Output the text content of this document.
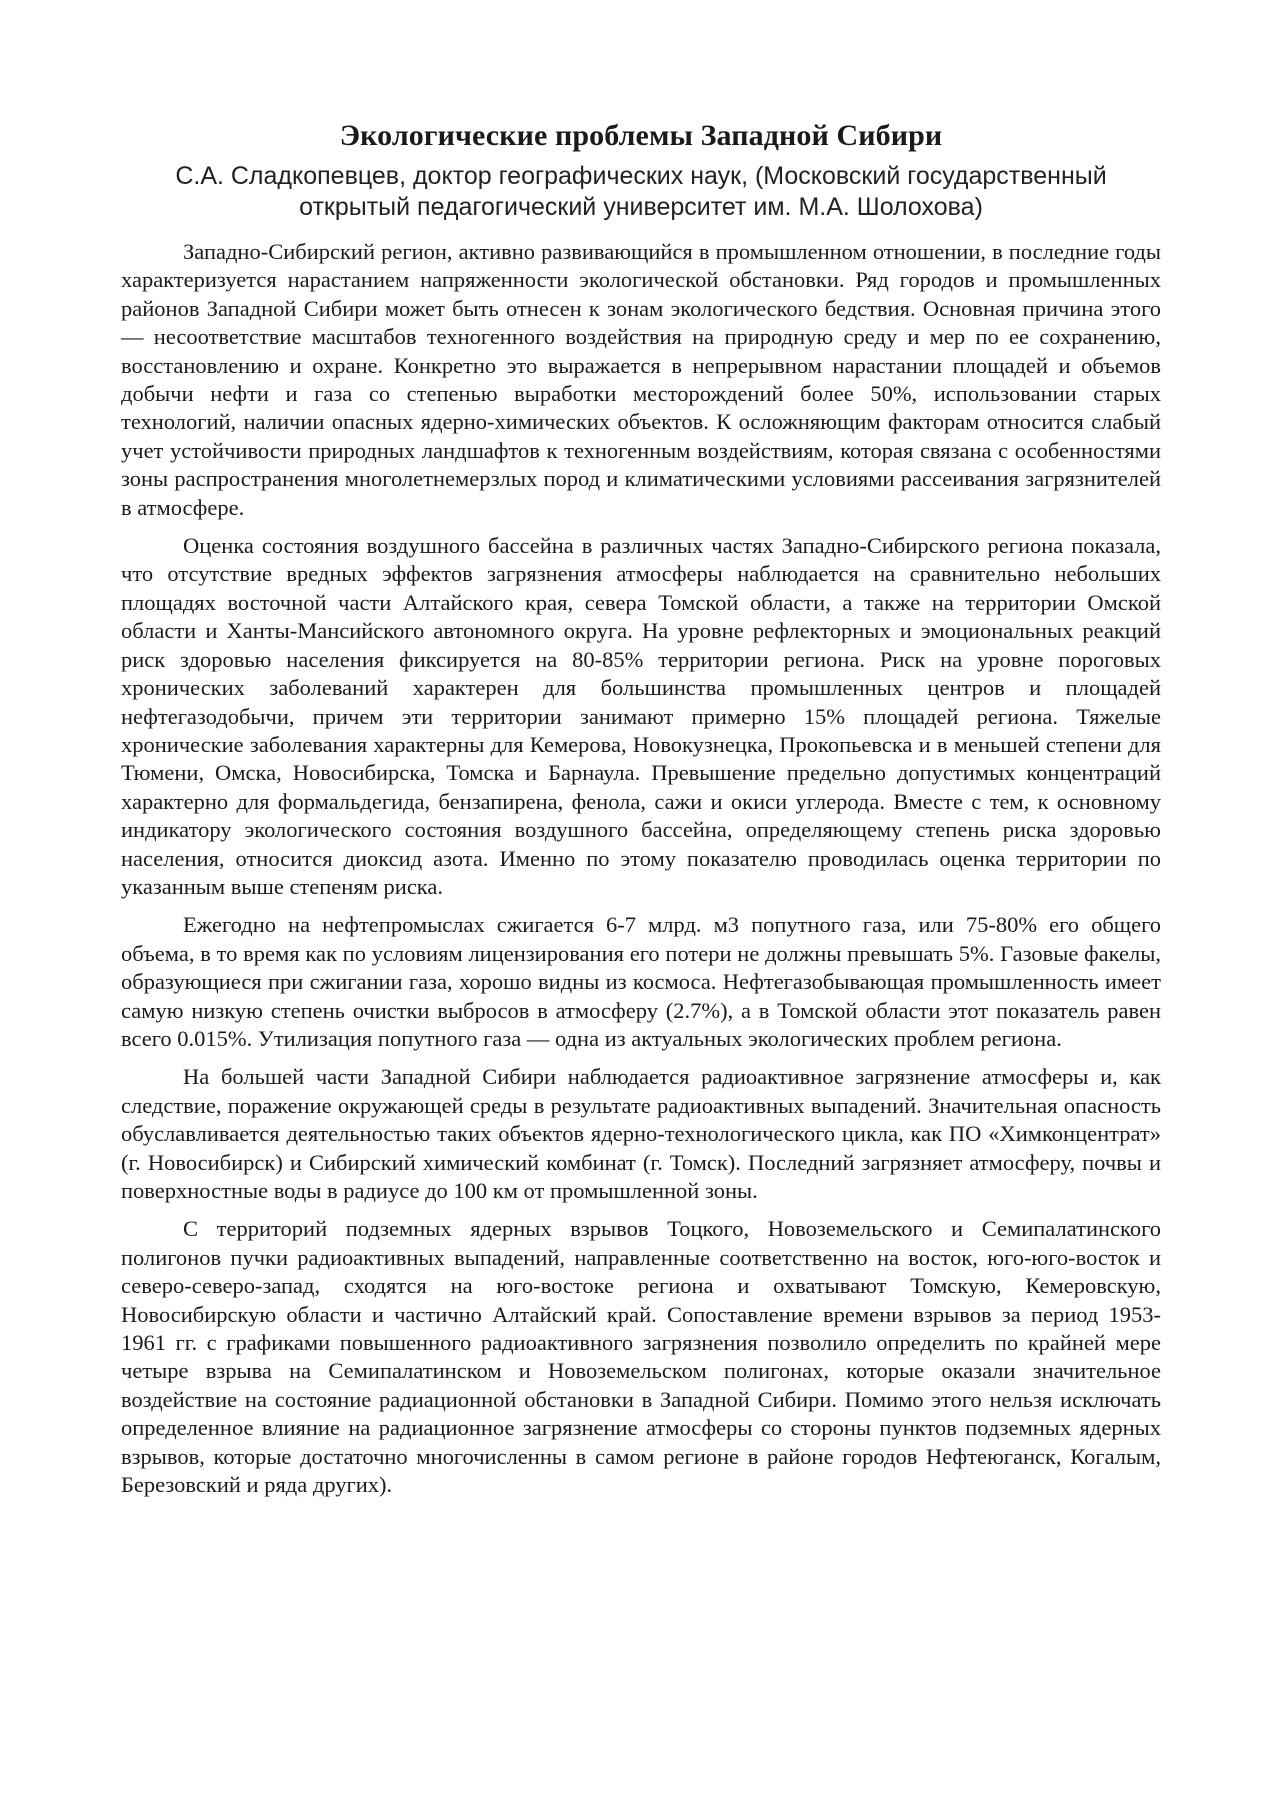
Экологические проблемы Западной Сибири

С.А. Сладкопевцев, доктор географических наук, (Московский государственный открытый педагогический университет им. М.А. Шолохова)

Западно-Сибирский регион, активно развивающийся в промышленном отношении, в последние годы характеризуется нарастанием напряженности экологической обстановки. Ряд городов и промышленных районов Западной Сибири может быть отнесен к зонам экологического бедствия. Основная причина этого — несоответствие масштабов техногенного воздействия на природную среду и мер по ее сохранению, восстановлению и охране. Конкретно это выражается в непрерывном нарастании площадей и объемов добычи нефти и газа со степенью выработки месторождений более 50%, использовании старых технологий, наличии опасных ядерно-химических объектов. К осложняющим факторам относится слабый учет устойчивости природных ландшафтов к техногенным воздействиям, которая связана с особенностями зоны распространения многолетнемерзлых пород и климатическими условиями рассеивания загрязнителей в атмосфере.

Оценка состояния воздушного бассейна в различных частях Западно-Сибирского региона показала, что отсутствие вредных эффектов загрязнения атмосферы наблюдается на сравнительно небольших площадях восточной части Алтайского края, севера Томской области, а также на территории Омской области и Ханты-Мансийского автономного округа. На уровне рефлекторных и эмоциональных реакций риск здоровью населения фиксируется на 80-85% территории региона. Риск на уровне пороговых хронических заболеваний характерен для большинства промышленных центров и площадей нефтегазодобычи, причем эти территории занимают примерно 15% площадей региона. Тяжелые хронические заболевания характерны для Кемерова, Новокузнецка, Прокопьевска и в меньшей степени для Тюмени, Омска, Новосибирска, Томска и Барнаула. Превышение предельно допустимых концентраций характерно для формальдегида, бензапирена, фенола, сажи и окиси углерода. Вместе с тем, к основному индикатору экологического состояния воздушного бассейна, определяющему степень риска здоровью населения, относится диоксид азота. Именно по этому показателю проводилась оценка территории по указанным выше степеням риска.

Ежегодно на нефтепромыслах сжигается 6-7 млрд. м3 попутного газа, или 75-80% его общего объема, в то время как по условиям лицензирования его потери не должны превышать 5%. Газовые факелы, образующиеся при сжигании газа, хорошо видны из космоса. Нефтегазобывающая промышленность имеет самую низкую степень очистки выбросов в атмосферу (2.7%), а в Томской области этот показатель равен всего 0.015%. Утилизация попутного газа — одна из актуальных экологических проблем региона.

На большей части Западной Сибири наблюдается радиоактивное загрязнение атмосферы и, как следствие, поражение окружающей среды в результате радиоактивных выпадений. Значительная опасность обуславливается деятельностью таких объектов ядерно-технологического цикла, как ПО «Химконцентрат» (г. Новосибирск) и Сибирский химический комбинат (г. Томск). Последний загрязняет атмосферу, почвы и поверхностные воды в радиусе до 100 км от промышленной зоны.

С территорий подземных ядерных взрывов Тоцкого, Новоземельского и Семипалатинского полигонов пучки радиоактивных выпадений, направленные соответственно на восток, юго-юго-восток и северо-северо-запад, сходятся на юго-востоке региона и охватывают Томскую, Кемеровскую, Новосибирскую области и частично Алтайский край. Сопоставление времени взрывов за период 1953- 1961 гг. с графиками повышенного радиоактивного загрязнения позволило определить по крайней мере четыре взрыва на Семипалатинском и Новоземельском полигонах, которые оказали значительное воздействие на состояние радиационной обстановки в Западной Сибири. Помимо этого нельзя исключать определенное влияние на радиационное загрязнение атмосферы со стороны пунктов подземных ядерных взрывов, которые достаточно многочисленны в самом регионе в районе городов Нефтеюганск, Когалым, Березовский и ряда других).
